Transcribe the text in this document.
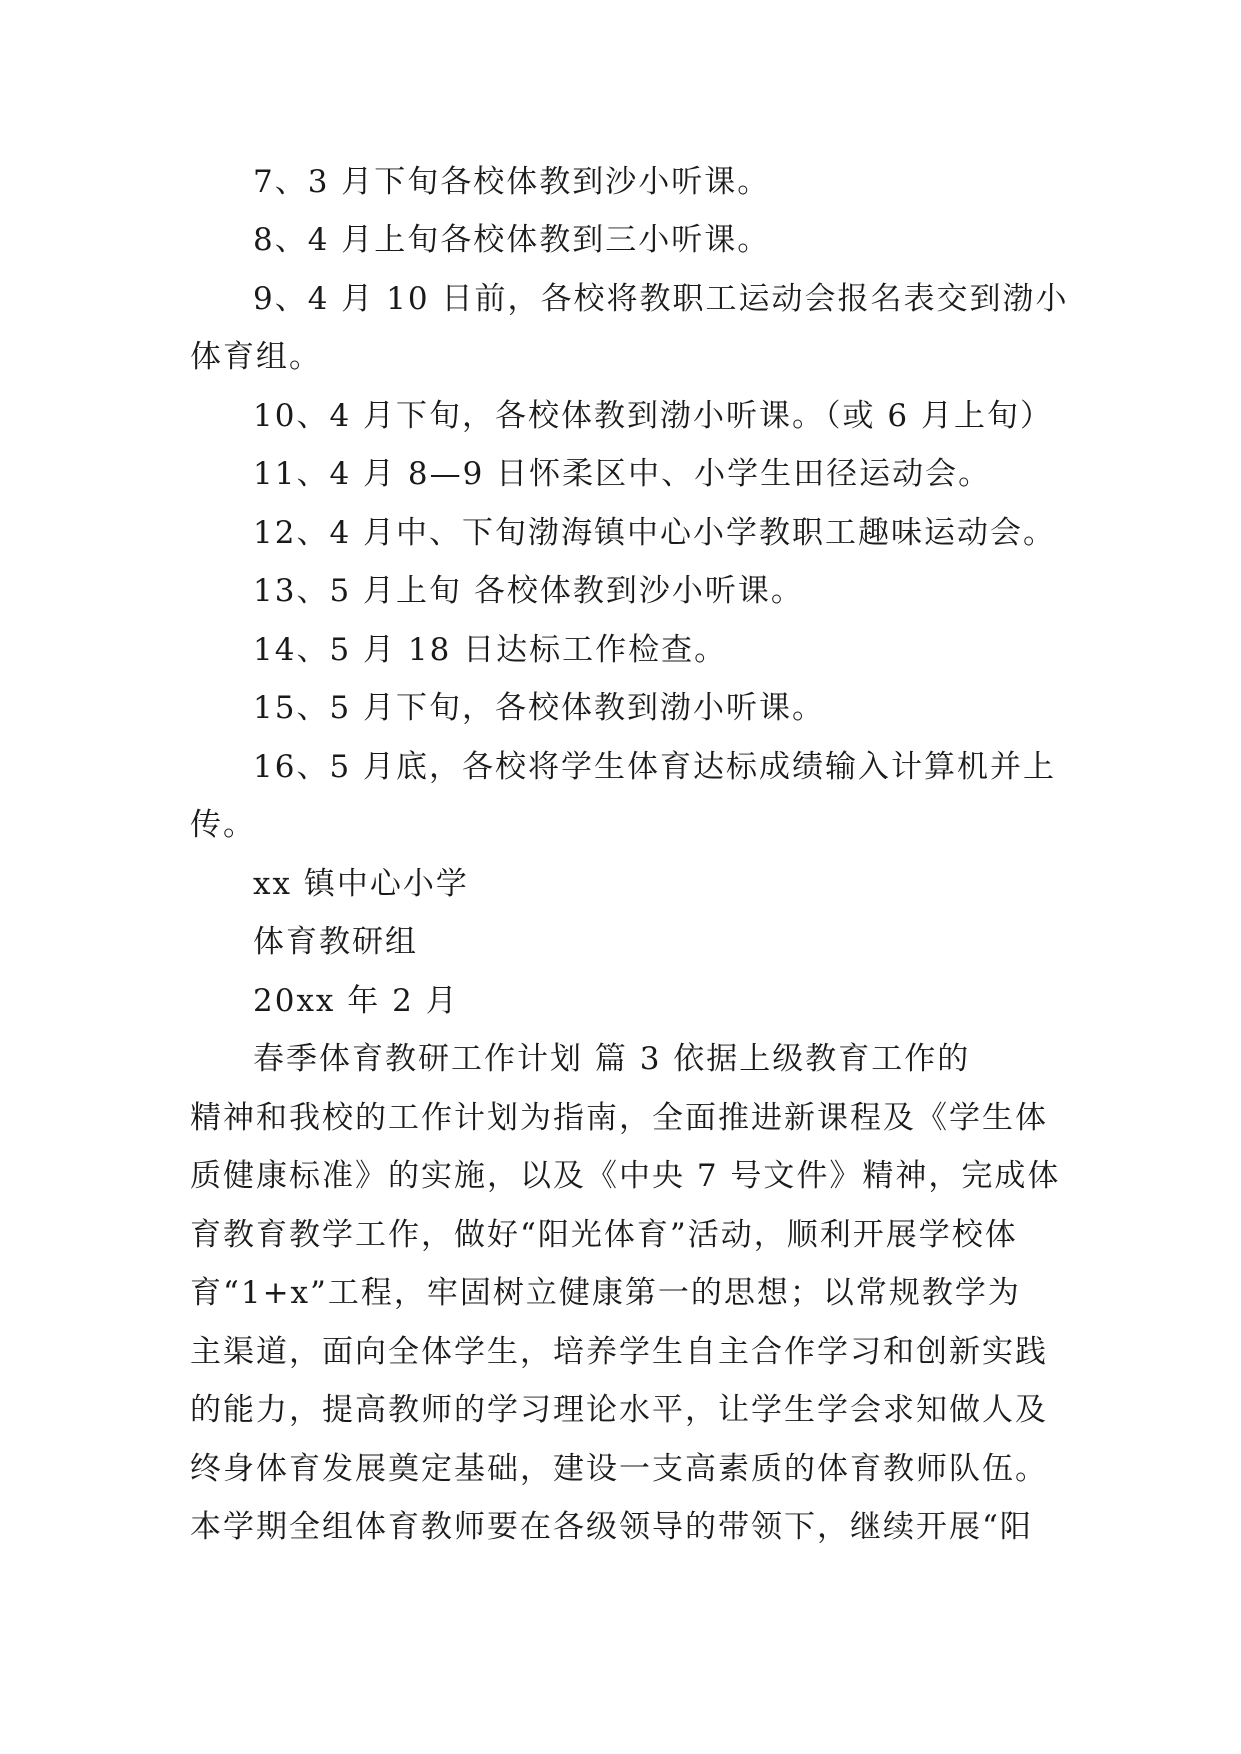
7、3 月下旬各校体教到沙小听课。
8、4 月上旬各校体教到三小听课。
9、4 月 10 日前，各校将教职工运动会报名表交到渤小
体育组。
10、4 月下旬，各校体教到渤小听课。（或 6 月上旬）
11、4 月 8—9 日怀柔区中、小学生田径运动会。
12、4 月中、下旬渤海镇中心小学教职工趣味运动会。
13、5 月上旬 各校体教到沙小听课。
14、5 月 18 日达标工作检查。
15、5 月下旬，各校体教到渤小听课。
16、5 月底，各校将学生体育达标成绩输入计算机并上
传。
xx 镇中心小学
体育教研组
20xx 年 2 月
春季体育教研工作计划 篇 3 依据上级教育工作的
精神和我校的工作计划为指南，全面推进新课程及《学生体
质健康标准》的实施，以及《中央 7 号文件》精神，完成体
育教育教学工作，做好“阳光体育”活动，顺利开展学校体
育“1+x”工程，牢固树立健康第一的思想；以常规教学为
主渠道，面向全体学生，培养学生自主合作学习和创新实践
的能力，提高教师的学习理论水平，让学生学会求知做人及
终身体育发展奠定基础，建设一支高素质的体育教师队伍。
本学期全组体育教师要在各级领导的带领下，继续开展“阳
